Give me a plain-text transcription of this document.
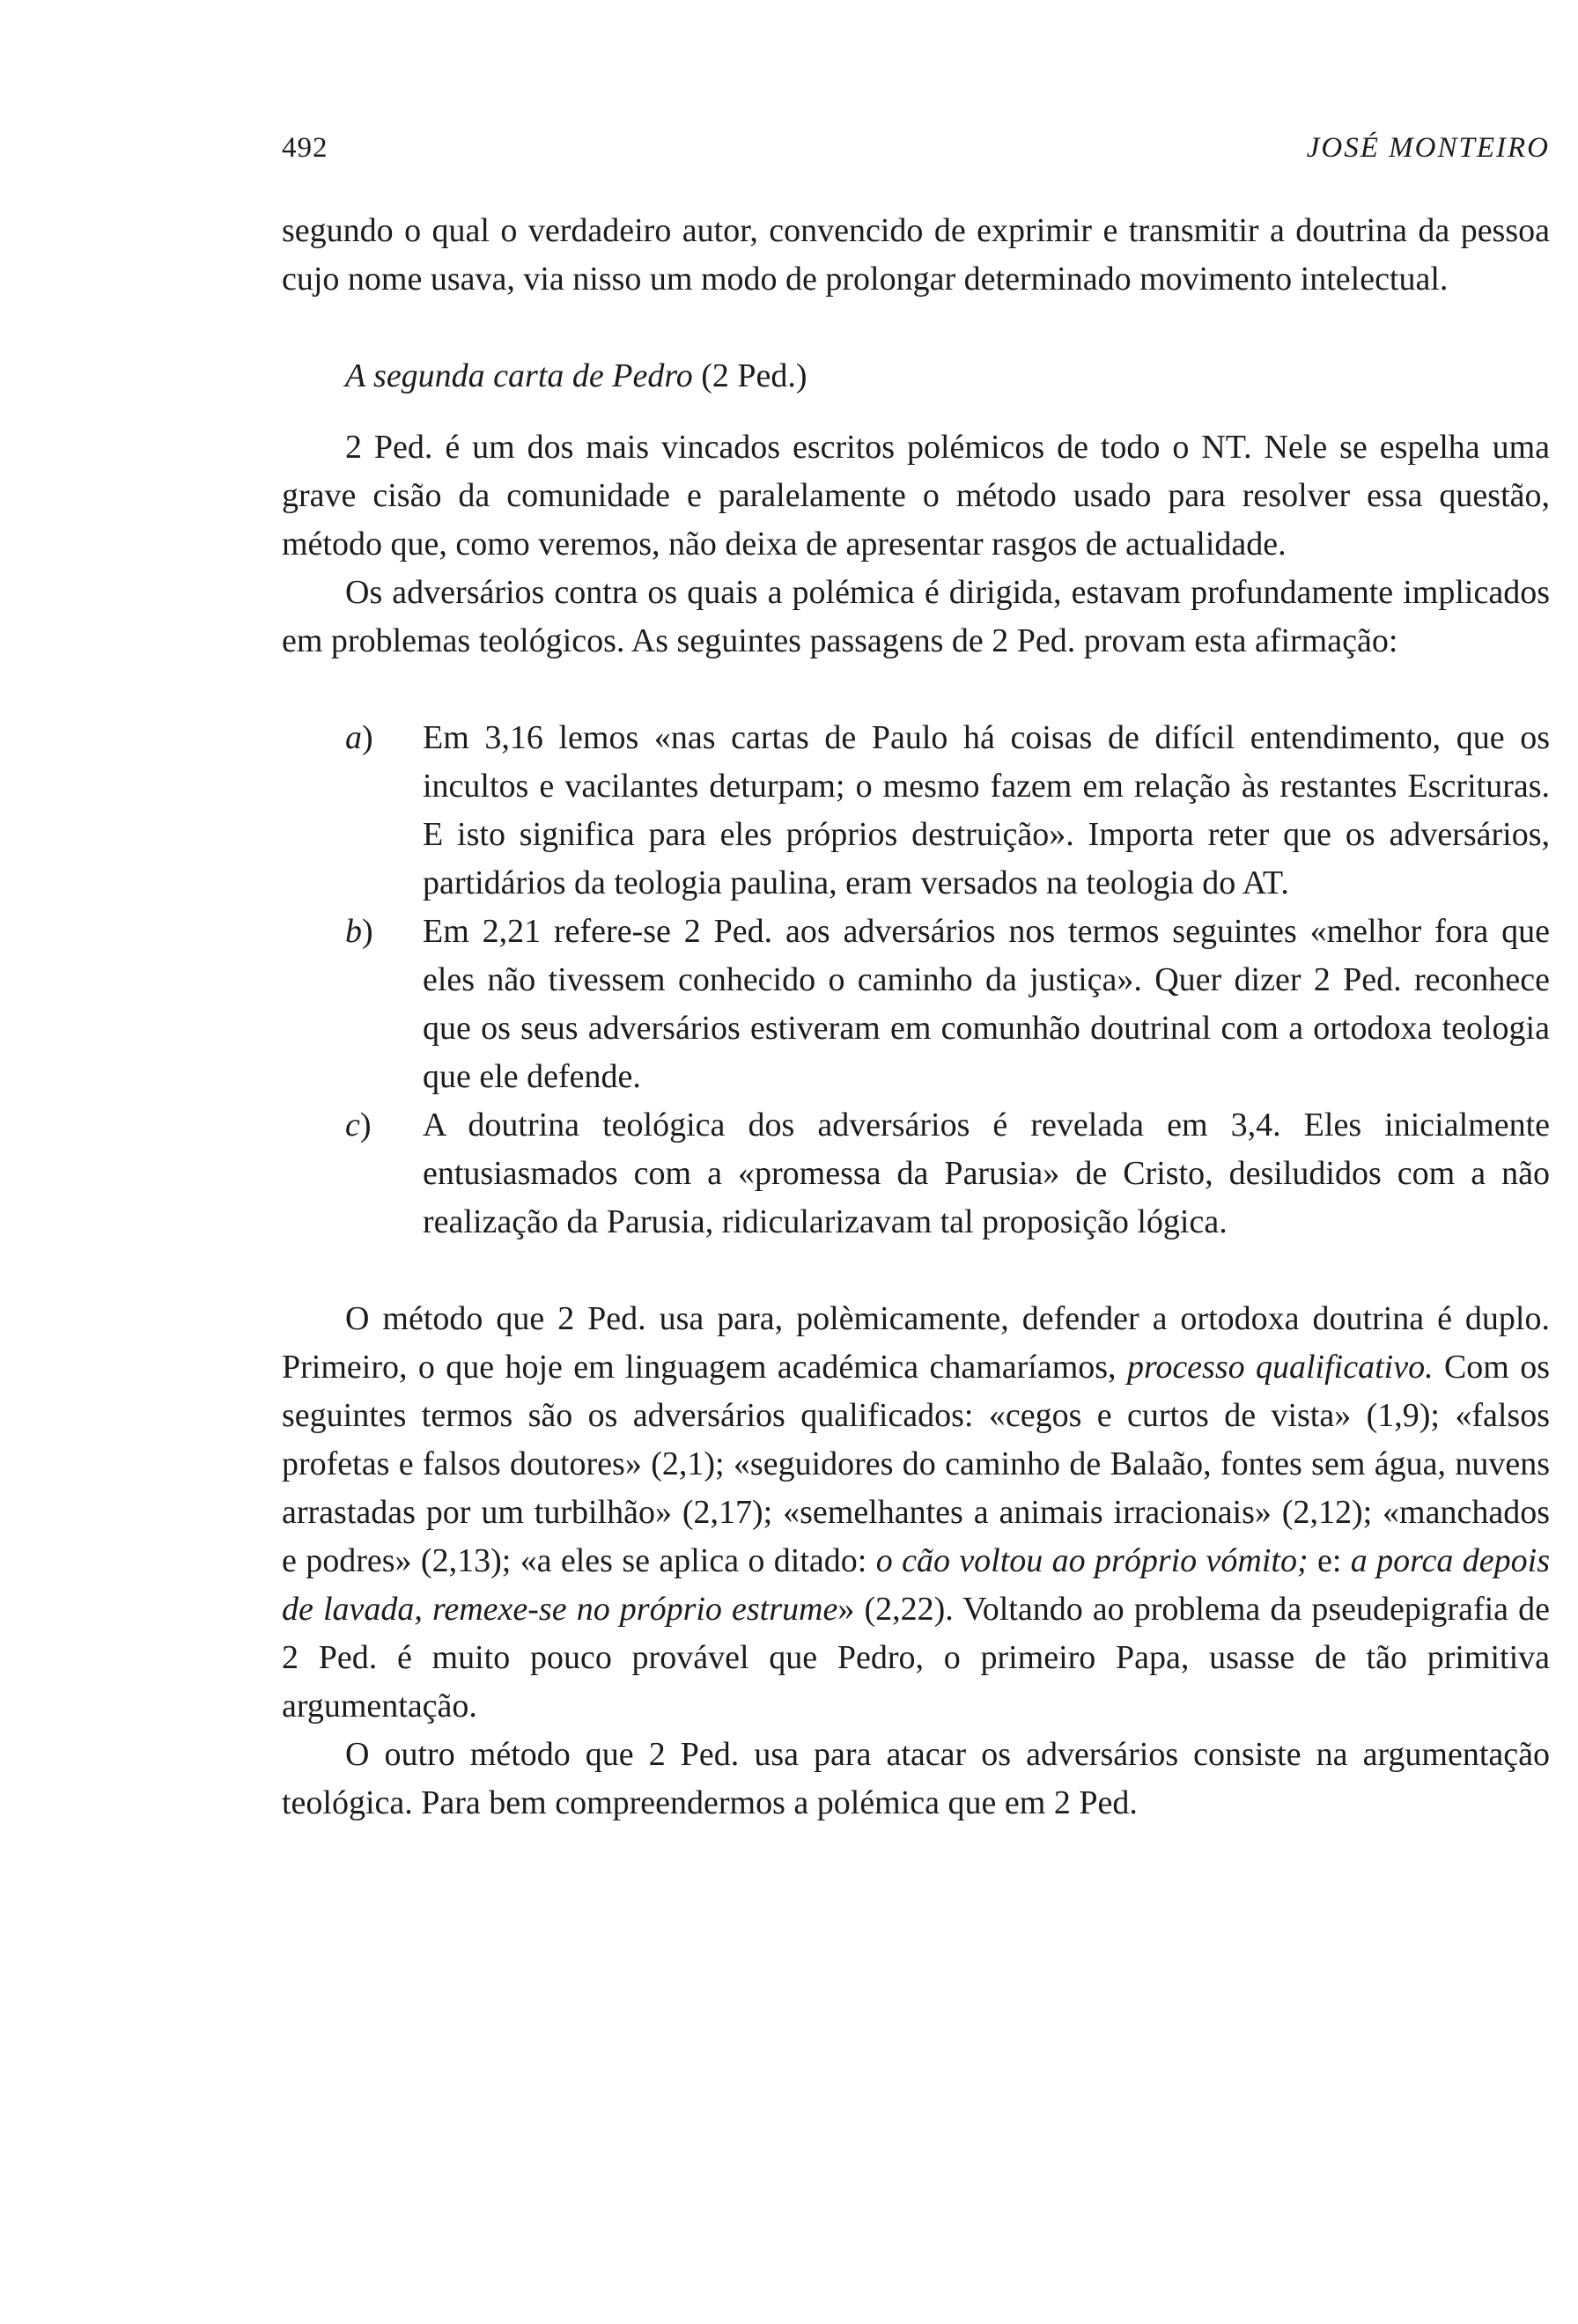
492	JOSÉ MONTEIRO

segundo o qual o verdadeiro autor, convencido de exprimir e transmitir a doutrina da pessoa cujo nome usava, via nisso um modo de prolongar determinado movimento intelectual.

A segunda carta de Pedro (2 Ped.)

2 Ped. é um dos mais vincados escritos polémicos de todo o NT. Nele se espelha uma grave cisão da comunidade e paralelamente o método usado para resolver essa questão, método que, como veremos, não deixa de apresentar rasgos de actualidade.

Os adversários contra os quais a polémica é dirigida, estavam profundamente implicados em problemas teológicos. As seguintes passagens de 2 Ped. provam esta afirmação:

a) Em 3,16 lemos «nas cartas de Paulo há coisas de difícil entendimento, que os incultos e vacilantes deturpam; o mesmo fazem em relação às restantes Escrituras. E isto significa para eles próprios destruição». Importa reter que os adversários, partidários da teologia paulina, eram versados na teologia do AT.

b) Em 2,21 refere-se 2 Ped. aos adversários nos termos seguintes «melhor fora que eles não tivessem conhecido o caminho da justiça». Quer dizer 2 Ped. reconhece que os seus adversários estiveram em comunhão doutrinal com a ortodoxa teologia que ele defende.

c) A doutrina teológica dos adversários é revelada em 3,4. Eles inicialmente entusiasmados com a «promessa da Parusia» de Cristo, desiludidos com a não realização da Parusia, ridicularizavam tal proposição lógica.

O método que 2 Ped. usa para, polèmicamente, defender a ortodoxa doutrina é duplo. Primeiro, o que hoje em linguagem académica chamaríamos, processo qualificativo. Com os seguintes termos são os adversários qualificados: «cegos e curtos de vista» (1,9); «falsos profetas e falsos doutores» (2,1); «seguidores do caminho de Balaão, fontes sem água, nuvens arrastadas por um turbilhão» (2,17); «semelhantes a animais irracionais» (2,12); «manchados e podres» (2,13); «a eles se aplica o ditado: o cão voltou ao próprio vómito; e: a porca depois de lavada, remexe-se no próprio estrume» (2,22). Voltando ao problema da pseudepigrafia de 2 Ped. é muito pouco provável que Pedro, o primeiro Papa, usasse de tão primitiva argumentação.

O outro método que 2 Ped. usa para atacar os adversários consiste na argumentação teológica. Para bem compreendermos a polémica que em 2 Ped.
